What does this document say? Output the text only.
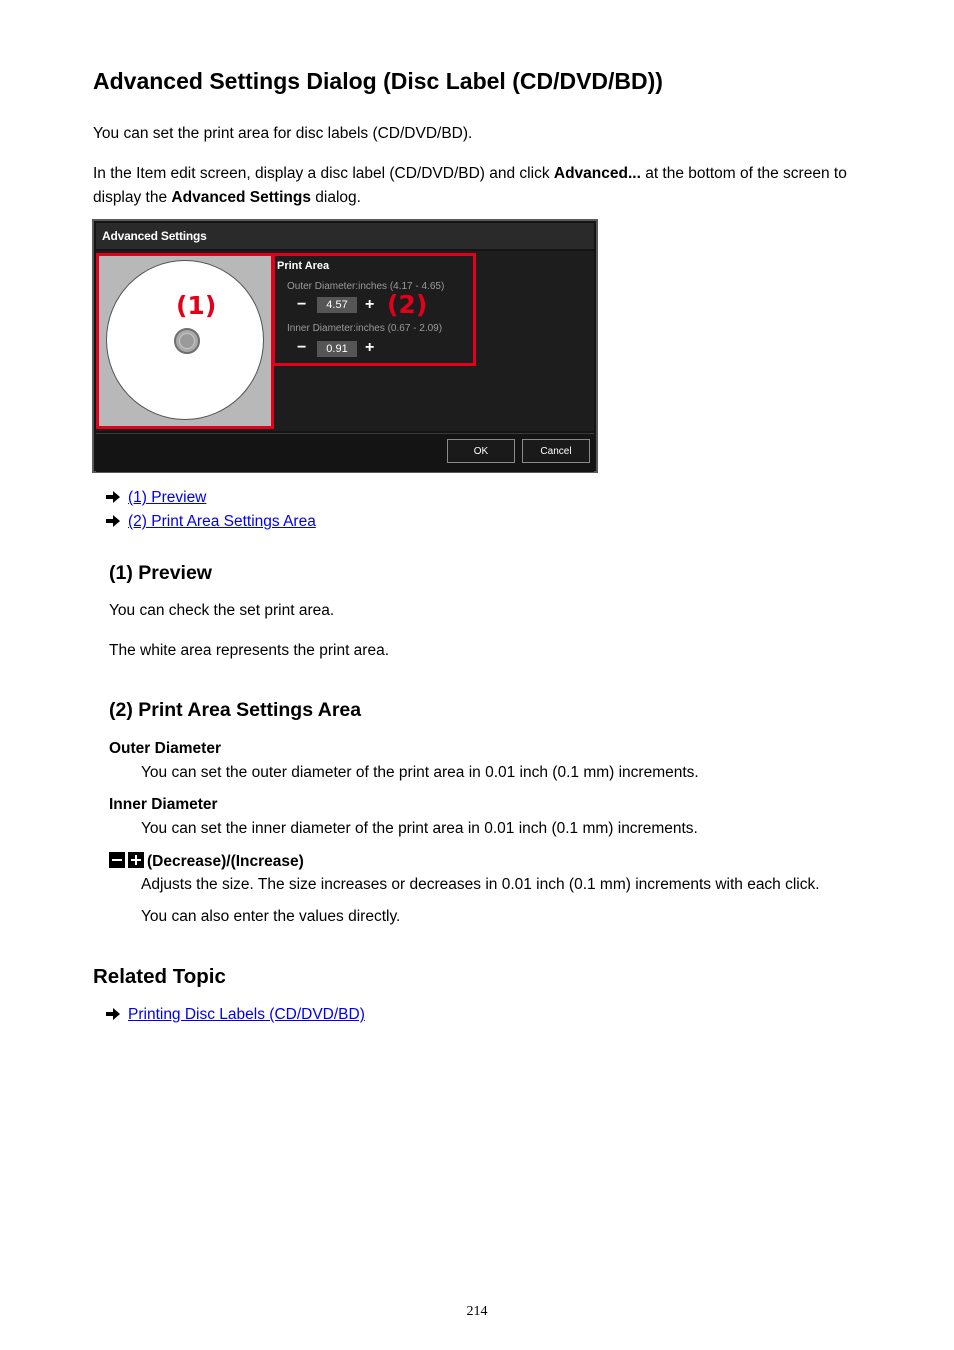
Advanced Settings Dialog (Disc Label (CD/DVD/BD))

You can set the print area for disc labels (CD/DVD/BD).

In the Item edit screen, display a disc label (CD/DVD/BD) and click Advanced... at the bottom of the screen to display the Advanced Settings dialog.

Advanced Settings
OK	Cancel
(1)
Print Area
Outer Diameter:inches (4.17 - 4.65)
−	4.57	+ (2)
Inner Diameter:inches (0.67 - 2.09)
−	0.91	+
(1) Preview
(2) Print Area Settings Area
(1) Preview

You can check the set print area.

The white area represents the print area.

(2) Print Area Settings Area

Outer Diameter

You can set the outer diameter of the print area in 0.01 inch (0.1 mm) increments.

Inner Diameter

You can set the inner diameter of the print area in 0.01 inch (0.1 mm) increments.

(Decrease)/(Increase)

Adjusts the size. The size increases or decreases in 0.01 inch (0.1 mm) increments with each click.

You can also enter the values directly.

Related Topic
Printing Disc Labels (CD/DVD/BD)
214
